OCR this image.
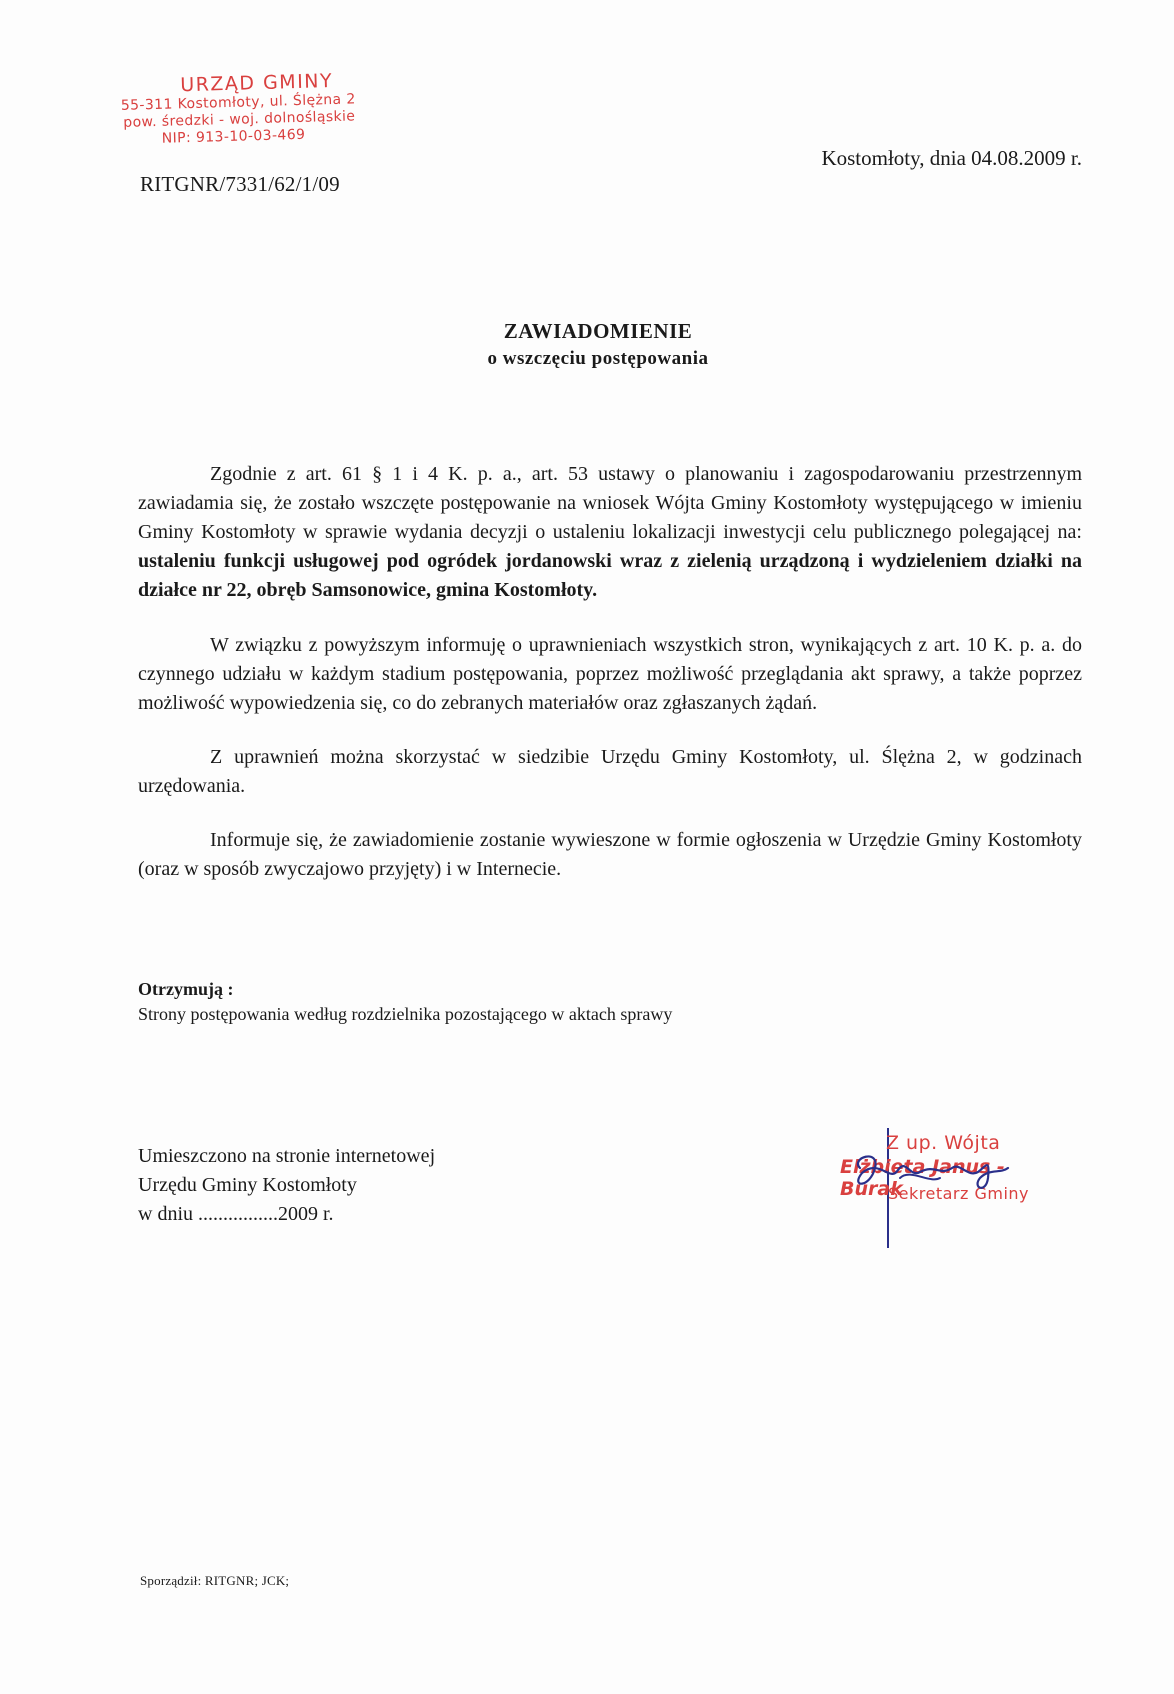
URZĄD GMINY
55-311 Kostomłoty, ul. Ślężna 2
pow. średzki - woj. dolnośląskie
NIP: 913-10-03-469
RITGNR/7331/62/1/09
Kostomłoty, dnia 04.08.2009 r.
ZAWIADOMIENIE
o wszczęciu postępowania

Zgodnie z art. 61 § 1 i 4 K. p. a., art. 53 ustawy o planowaniu i zagospodarowaniu przestrzennym zawiadamia się, że zostało wszczęte postępowanie na wniosek Wójta Gminy Kostomłoty występującego w imieniu Gminy Kostomłoty w sprawie wydania decyzji o ustaleniu lokalizacji inwestycji celu publicznego polegającej na: ustaleniu funkcji usługowej pod ogródek jordanowski wraz z zielenią urządzoną i wydzieleniem działki na działce nr 22, obręb Samsonowice, gmina Kostomłoty.

W związku z powyższym informuję o uprawnieniach wszystkich stron, wynikających z art. 10 K. p. a. do czynnego udziału w każdym stadium postępowania, poprzez możliwość przeglądania akt sprawy, a także poprzez możliwość wypowiedzenia się, co do zebranych materiałów oraz zgłaszanych żądań.

Z uprawnień można skorzystać w siedzibie Urzędu Gminy Kostomłoty, ul. Ślężna 2, w godzinach urzędowania.

Informuje się, że zawiadomienie zostanie wywieszone w formie ogłoszenia w Urzędzie Gminy Kostomłoty (oraz w sposób zwyczajowo przyjęty) i w Internecie.

Otrzymują :
Strony postępowania według rozdzielnika pozostającego w aktach sprawy
Umieszczono na stronie internetowej
Urzędu Gminy Kostomłoty
w dniu ................2009 r.
Z up. Wójta
Elżbieta Janus - Burak
Sekretarz Gminy
Sporządził: RITGNR; JCK;
